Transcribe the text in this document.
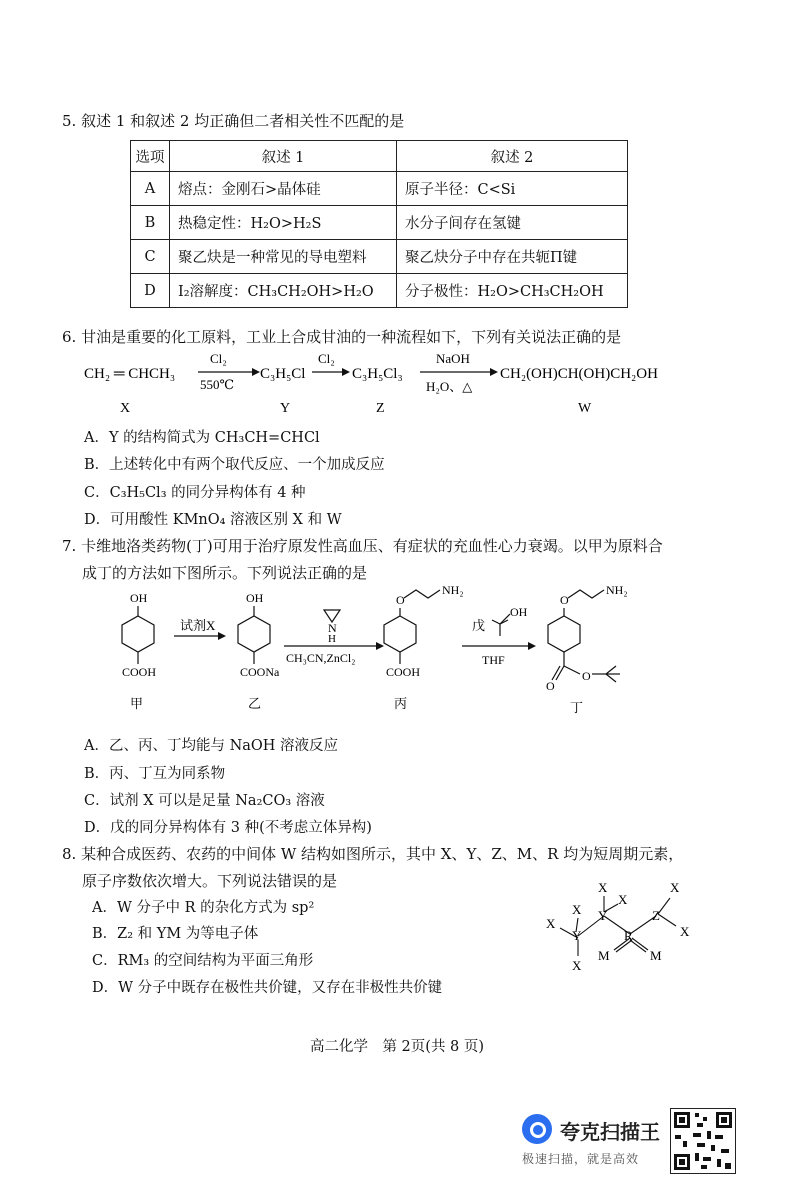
5. 叙述 1 和叙述 2 均正确但二者相关性不匹配的是
选项	叙述 1	叙述 2
A	熔点：金刚石>晶体硅	原子半径：C<Si
B	热稳定性：H₂O>H₂S	水分子间存在氢键
C	聚乙炔是一种常见的导电塑料	聚乙炔分子中存在共轭Π键
D	I₂溶解度：CH₃CH₂OH>H₂O	分子极性：H₂O>CH₃CH₂OH
6. 甘油是重要的化工原料，工业上合成甘油的一种流程如下，下列有关说法正确的是
CH₂ ═ CHCH₃
Cl₂
550℃
C₃H₅Cl
Cl₂
C₃H₅Cl₃
NaOH
H₂O、△
CH₂(OH)CH(OH)CH₂OH
X	Y	Z	W
A．Y 的结构简式为 CH₃CH=CHCl
B．上述转化中有两个取代反应、一个加成反应
C．C₃H₅Cl₃ 的同分异构体有 4 种
D．可用酸性 KMnO₄ 溶液区别 X 和 W
7. 卡维地洛类药物(丁)可用于治疗原发性高血压、有症状的充血性心力衰竭。以甲为原料合
成丁的方法如下图所示。下列说法正确的是
OH
COOH
甲
试剂X
OH
COONa
乙
N
H
CH₃CN,ZnCl₂
O
NH₂
COOH
丙
戊
OH
THF
O
NH₂
O
O
丁
A．乙、丙、丁均能与 NaOH 溶液反应
B．丙、丁互为同系物
C．试剂 X 可以是足量 Na₂CO₃ 溶液
D．戊的同分异构体有 3 种(不考虑立体异构)
8. 某种合成医药、农药的中间体 W 结构如图所示，其中 X、Y、Z、M、R 均为短周期元素，
原子序数依次增大。下列说法错误的是
A．W 分子中 R 的杂化方式为 sp²
B．Z₂ 和 YM 为等电子体
C．RM₃ 的空间结构为平面三角形
D．W 分子中既存在极性共价键，又存在非极性共价键
Y
Y
R
Z
X
X
X
X
X
X
X
M	M
高二化学　第 2页(共 8 页)
夸克扫描王
极速扫描，就是高效
